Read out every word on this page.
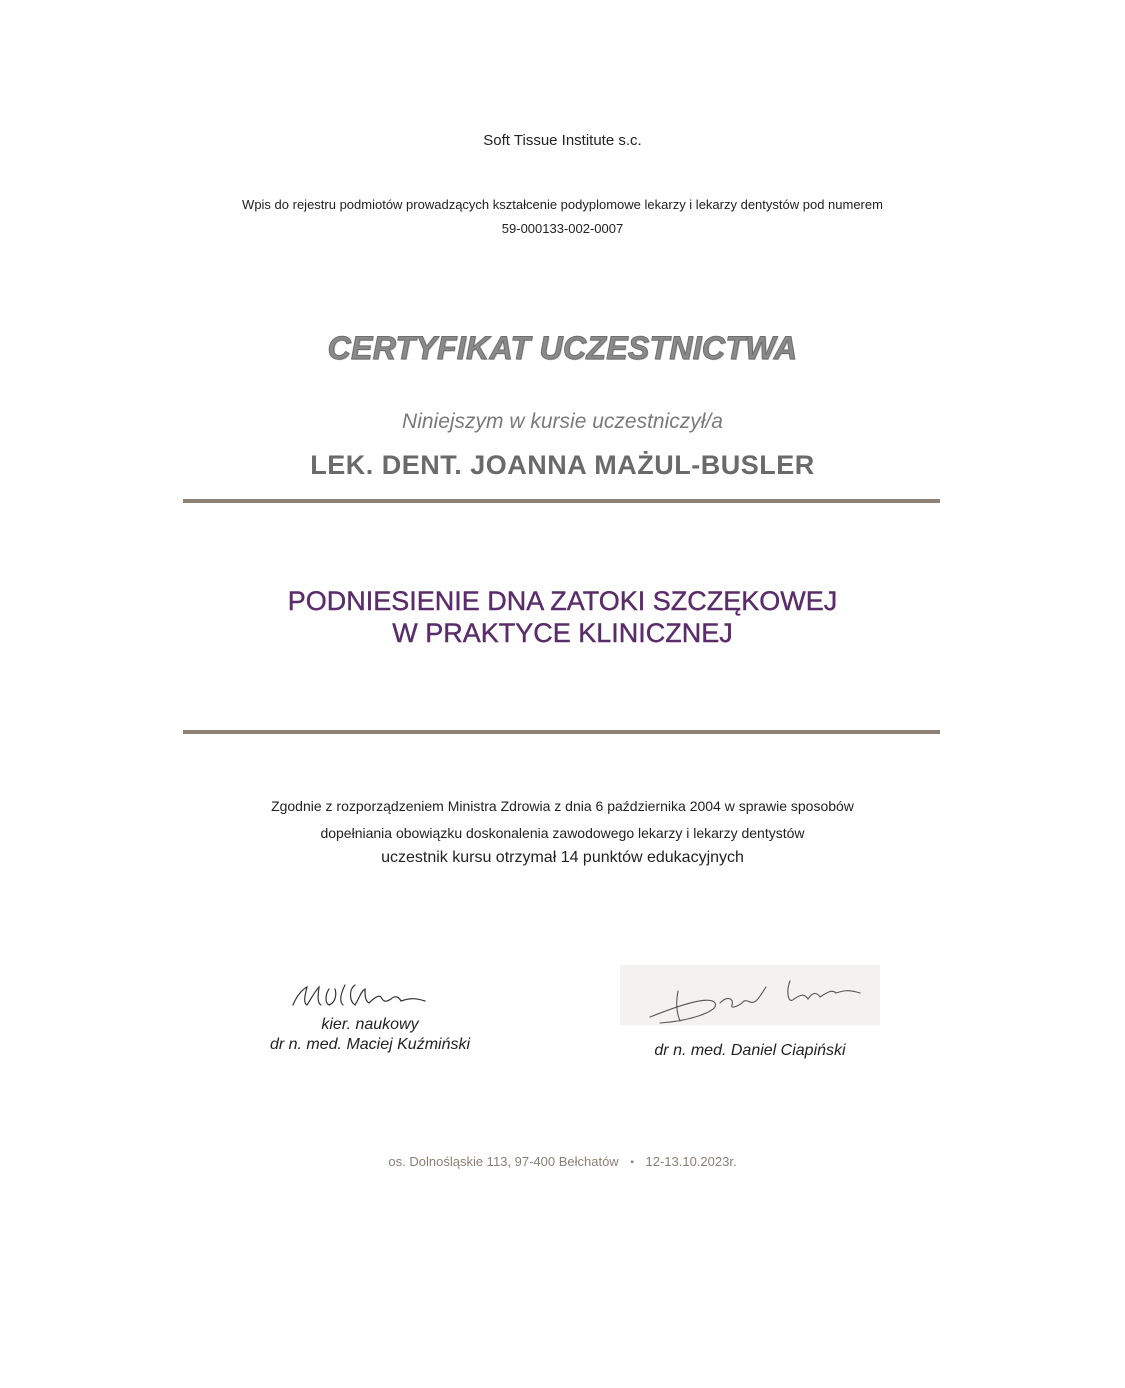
Soft Tissue Institute s.c.
Wpis do rejestru podmiotów prowadzących kształcenie podyplomowe lekarzy i lekarzy dentystów pod numerem
59-000133-002-0007
CERTYFIKAT UCZESTNICTWA
Niniejszym w kursie uczestniczył/a
LEK. DENT. JOANNA MAŻUL-BUSLER
PODNIESIENIE DNA ZATOKI SZCZĘKOWEJ
W PRAKTYCE KLINICZNEJ
Zgodnie z rozporządzeniem Ministra Zdrowia z dnia 6 października 2004 w sprawie sposobów
dopełniania obowiązku doskonalenia zawodowego lekarzy i lekarzy dentystów
uczestnik kursu otrzymał 14 punktów edukacyjnych
kier. naukowy
dr n. med. Maciej Kuźmiński	dr n. med. Daniel Ciapiński
os. Dolnośląskie 113, 97-400 Bełchatów ▪ 12-13.10.2023r.
